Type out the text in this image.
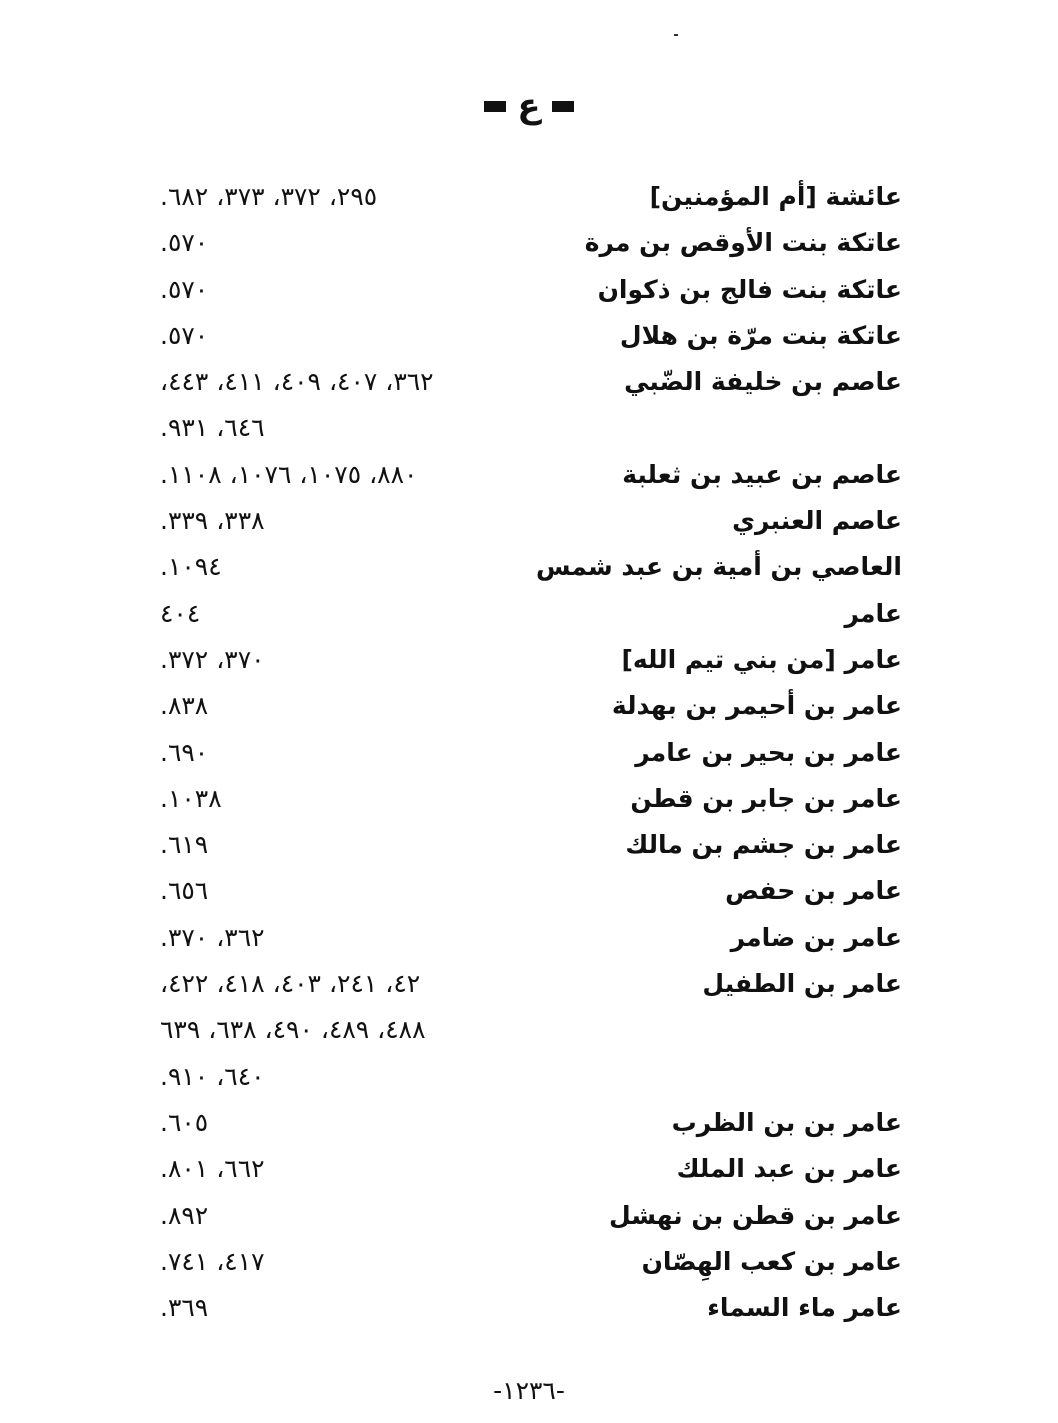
ع
عائشة [أم المؤمنين]
٢٩٥، ٣٧٢، ٣٧٣، ٦٨٢.
عاتكة بنت الأوقص بن مرة
٥٧٠.
عاتكة بنت فالج بن ذكوان
٥٧٠.
عاتكة بنت مرّة بن هلال
٥٧٠.
عاصم بن خليفة الضّبي
٣٦٢، ٤٠٧، ٤٠٩، ٤١١، ٤٤٣،
٦٤٦، ٩٣١.
عاصم بن عبيد بن ثعلبة
٨٨٠، ١٠٧٥، ١٠٧٦، ١١٠٨.
عاصم العنبري
٣٣٨، ٣٣٩.
العاصي بن أمية بن عبد شمس
١٠٩٤.
عامر
٤٠٤
عامر [من بني تيم الله]
٣٧٠، ٣٧٢.
عامر بن أحيمر بن بهدلة
٨٣٨.
عامر بن بحير بن عامر
٦٩٠.
عامر بن جابر بن قطن
١٠٣٨.
عامر بن جشم بن مالك
٦١٩.
عامر بن حفص
٦٥٦.
عامر بن ضامر
٣٦٢، ٣٧٠.
عامر بن الطفيل
٤٢، ٢٤١، ٤٠٣، ٤١٨، ٤٢٢،
٤٨٨، ٤٨٩، ٤٩٠، ٦٣٨، ٦٣٩
٦٤٠، ٩١٠.
عامر بن بن الظرب
٦٠٥.
عامر بن عبد الملك
٦٦٢، ٨٠١.
عامر بن قطن بن نهشل
٨٩٢.
عامر بن كعب الهِصّان
٤١٧، ٧٤١.
عامر ماء السماء
٣٦٩.
-١٢٣٦-
